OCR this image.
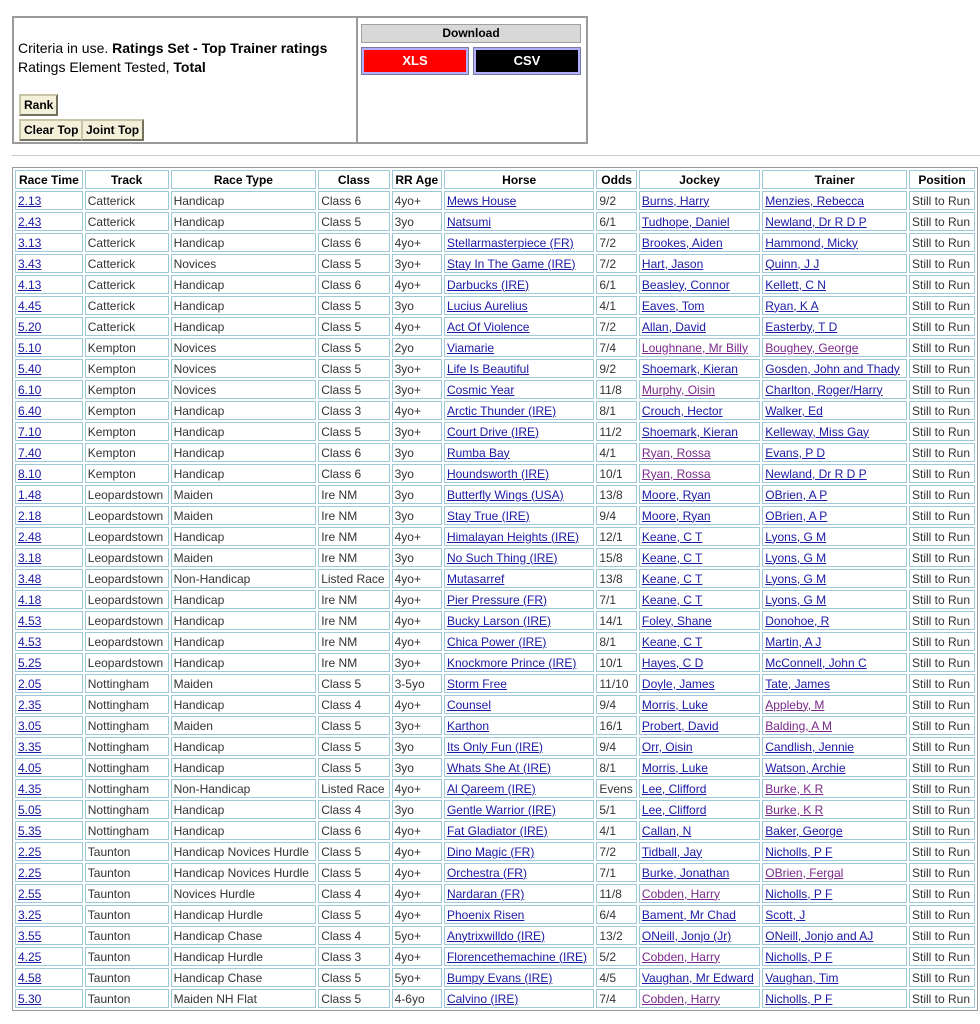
Criteria in use. Ratings Set - Top Trainer ratings
Ratings Element Tested, Total
Rank
Clear Top Joint Top
Download
XLS	CSV
Race Time	Track	Race Type	Class	RR Age	Horse	Odds	Jockey	Trainer	Position
2.13	Catterick	Handicap	Class 6	4yo+	Mews House	9/2	Burns, Harry	Menzies, Rebecca	Still to Run
2.43	Catterick	Handicap	Class 5	3yo	Natsumi	6/1	Tudhope, Daniel	Newland, Dr R D P	Still to Run
3.13	Catterick	Handicap	Class 6	4yo+	Stellarmasterpiece (FR)	7/2	Brookes, Aiden	Hammond, Micky	Still to Run
3.43	Catterick	Novices	Class 5	3yo+	Stay In The Game (IRE)	7/2	Hart, Jason	Quinn, J J	Still to Run
4.13	Catterick	Handicap	Class 6	4yo+	Darbucks (IRE)	6/1	Beasley, Connor	Kellett, C N	Still to Run
4.45	Catterick	Handicap	Class 5	3yo	Lucius Aurelius	4/1	Eaves, Tom	Ryan, K A	Still to Run
5.20	Catterick	Handicap	Class 5	4yo+	Act Of Violence	7/2	Allan, David	Easterby, T D	Still to Run
5.10	Kempton	Novices	Class 5	2yo	Viamarie	7/4	Loughnane, Mr Billy	Boughey, George	Still to Run
5.40	Kempton	Novices	Class 5	3yo+	Life Is Beautiful	9/2	Shoemark, Kieran	Gosden, John and Thady	Still to Run
6.10	Kempton	Novices	Class 5	3yo+	Cosmic Year	11/8	Murphy, Oisin	Charlton, Roger/Harry	Still to Run
6.40	Kempton	Handicap	Class 3	4yo+	Arctic Thunder (IRE)	8/1	Crouch, Hector	Walker, Ed	Still to Run
7.10	Kempton	Handicap	Class 5	3yo+	Court Drive (IRE)	11/2	Shoemark, Kieran	Kelleway, Miss Gay	Still to Run
7.40	Kempton	Handicap	Class 6	3yo	Rumba Bay	4/1	Ryan, Rossa	Evans, P D	Still to Run
8.10	Kempton	Handicap	Class 6	3yo	Houndsworth (IRE)	10/1	Ryan, Rossa	Newland, Dr R D P	Still to Run
1.48	Leopardstown	Maiden	Ire NM	3yo	Butterfly Wings (USA)	13/8	Moore, Ryan	OBrien, A P	Still to Run
2.18	Leopardstown	Maiden	Ire NM	3yo	Stay True (IRE)	9/4	Moore, Ryan	OBrien, A P	Still to Run
2.48	Leopardstown	Handicap	Ire NM	4yo+	Himalayan Heights (IRE)	12/1	Keane, C T	Lyons, G M	Still to Run
3.18	Leopardstown	Maiden	Ire NM	3yo	No Such Thing (IRE)	15/8	Keane, C T	Lyons, G M	Still to Run
3.48	Leopardstown	Non-Handicap	Listed Race	4yo+	Mutasarref	13/8	Keane, C T	Lyons, G M	Still to Run
4.18	Leopardstown	Handicap	Ire NM	4yo+	Pier Pressure (FR)	7/1	Keane, C T	Lyons, G M	Still to Run
4.53	Leopardstown	Handicap	Ire NM	4yo+	Bucky Larson (IRE)	14/1	Foley, Shane	Donohoe, R	Still to Run
4.53	Leopardstown	Handicap	Ire NM	4yo+	Chica Power (IRE)	8/1	Keane, C T	Martin, A J	Still to Run
5.25	Leopardstown	Handicap	Ire NM	3yo+	Knockmore Prince (IRE)	10/1	Hayes, C D	McConnell, John C	Still to Run
2.05	Nottingham	Maiden	Class 5	3-5yo	Storm Free	11/10	Doyle, James	Tate, James	Still to Run
2.35	Nottingham	Handicap	Class 4	4yo+	Counsel	9/4	Morris, Luke	Appleby, M	Still to Run
3.05	Nottingham	Maiden	Class 5	3yo+	Karthon	16/1	Probert, David	Balding, A M	Still to Run
3.35	Nottingham	Handicap	Class 5	3yo	Its Only Fun (IRE)	9/4	Orr, Oisin	Candlish, Jennie	Still to Run
4.05	Nottingham	Handicap	Class 5	3yo	Whats She At (IRE)	8/1	Morris, Luke	Watson, Archie	Still to Run
4.35	Nottingham	Non-Handicap	Listed Race	4yo+	Al Qareem (IRE)	Evens	Lee, Clifford	Burke, K R	Still to Run
5.05	Nottingham	Handicap	Class 4	3yo	Gentle Warrior (IRE)	5/1	Lee, Clifford	Burke, K R	Still to Run
5.35	Nottingham	Handicap	Class 6	4yo+	Fat Gladiator (IRE)	4/1	Callan, N	Baker, George	Still to Run
2.25	Taunton	Handicap Novices Hurdle	Class 5	4yo+	Dino Magic (FR)	7/2	Tidball, Jay	Nicholls, P F	Still to Run
2.25	Taunton	Handicap Novices Hurdle	Class 5	4yo+	Orchestra (FR)	7/1	Burke, Jonathan	OBrien, Fergal	Still to Run
2.55	Taunton	Novices Hurdle	Class 4	4yo+	Nardaran (FR)	11/8	Cobden, Harry	Nicholls, P F	Still to Run
3.25	Taunton	Handicap Hurdle	Class 5	4yo+	Phoenix Risen	6/4	Bament, Mr Chad	Scott, J	Still to Run
3.55	Taunton	Handicap Chase	Class 4	5yo+	Anytrixwilldo (IRE)	13/2	ONeill, Jonjo (Jr)	ONeill, Jonjo and AJ	Still to Run
4.25	Taunton	Handicap Hurdle	Class 3	4yo+	Florencethemachine (IRE)	5/2	Cobden, Harry	Nicholls, P F	Still to Run
4.58	Taunton	Handicap Chase	Class 5	5yo+	Bumpy Evans (IRE)	4/5	Vaughan, Mr Edward	Vaughan, Tim	Still to Run
5.30	Taunton	Maiden NH Flat	Class 5	4-6yo	Calvino (IRE)	7/4	Cobden, Harry	Nicholls, P F	Still to Run
